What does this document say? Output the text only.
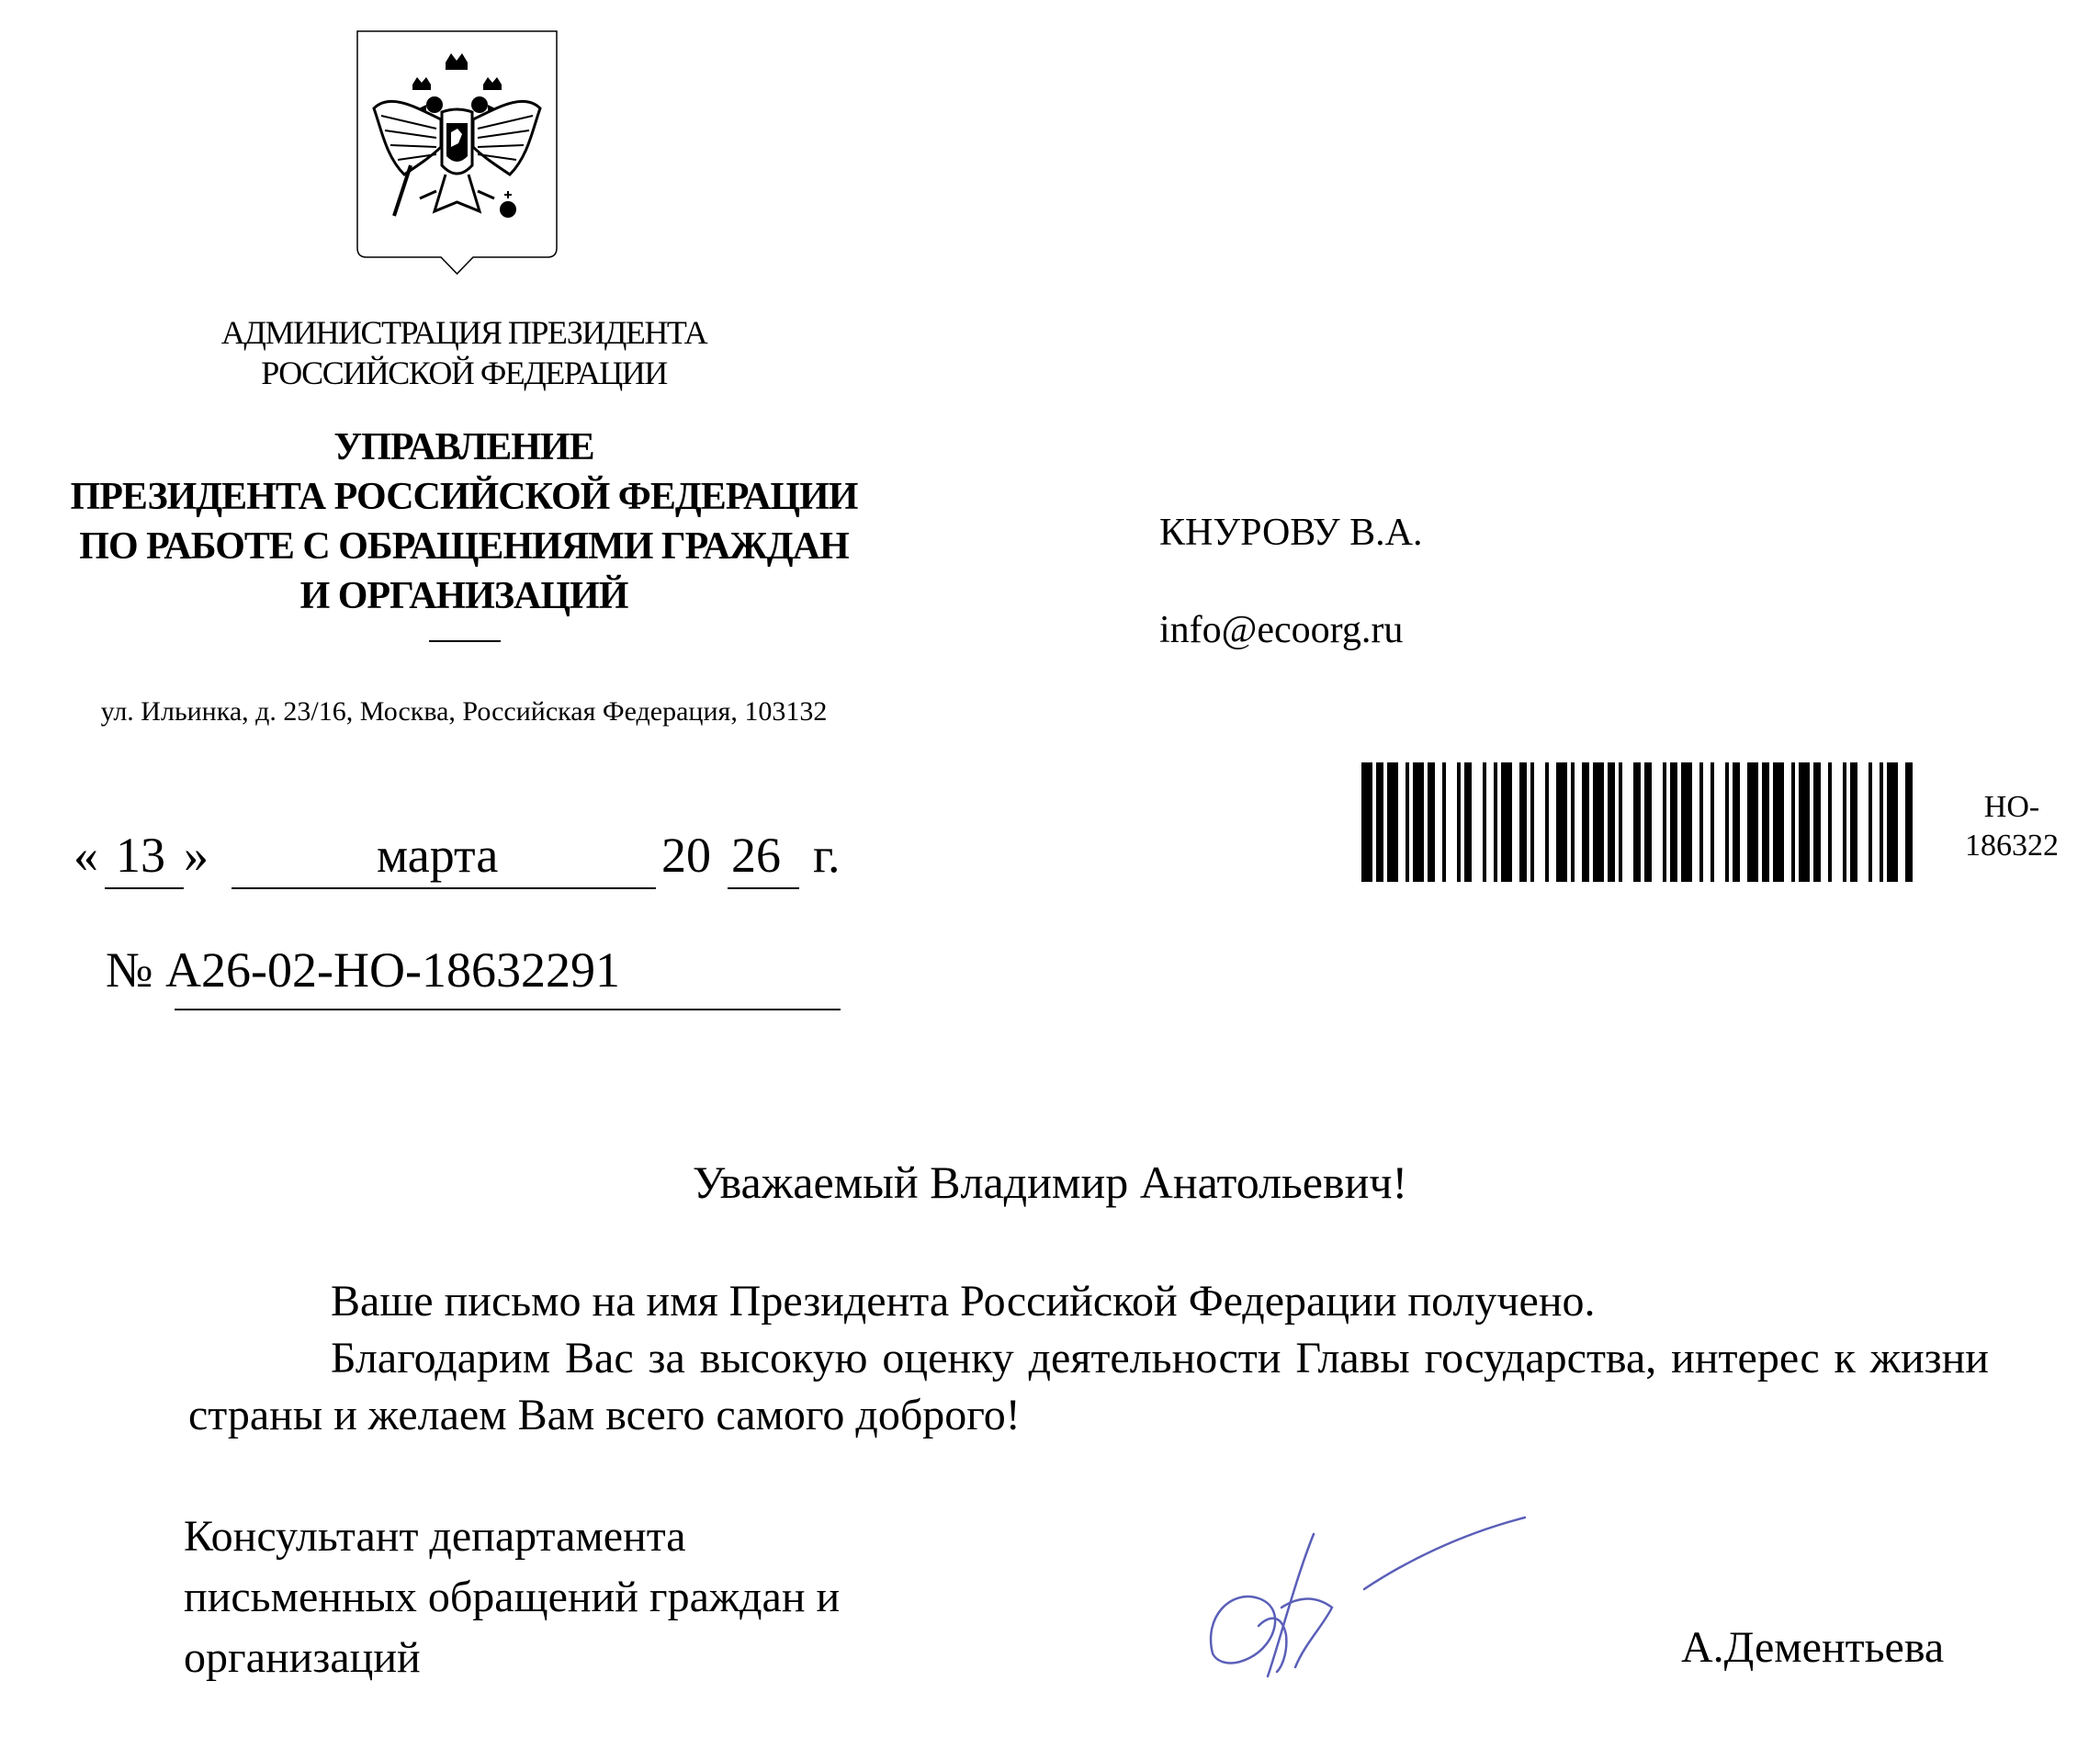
АДМИНИСТРАЦИЯ ПРЕЗИДЕНТА
РОССИЙСКОЙ ФЕДЕРАЦИИ
УПРАВЛЕНИЕ
ПРЕЗИДЕНТА РОССИЙСКОЙ ФЕДЕРАЦИИ
ПО РАБОТЕ С ОБРАЩЕНИЯМИ ГРАЖДАН
И ОРГАНИЗАЦИЙ
ул. Ильинка, д. 23/16, Москва, Российская Федерация, 103132
« 13 »	марта	20 26 г.
№ А26-02-НО-18632291
КНУРОВУ В.А.
info@ecoorg.ru
НО-
186322
Уважаемый Владимир Анатольевич!
Ваше письмо на имя Президента Российской Федерации получено.
Благодарим Вас за высокую оценку деятельности Главы государства, интерес к жизни страны и желаем Вам всего самого доброго!
Консультант департамента
письменных обращений граждан и
организаций	А.Дементьева
